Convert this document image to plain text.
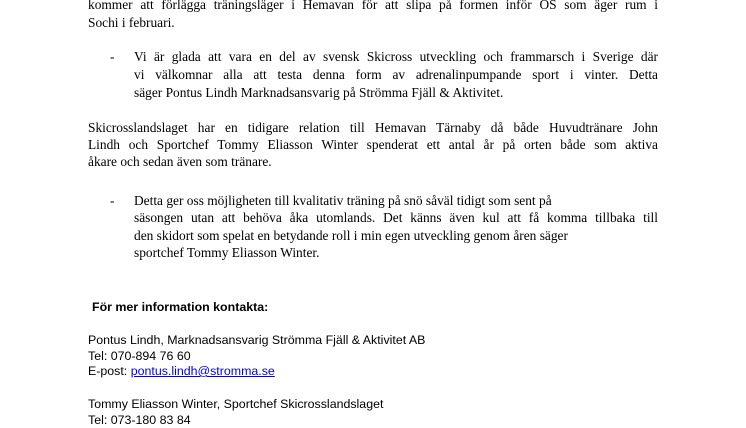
kommer att förlägga träningsläger i Hemavan för att slipa på formen inför OS som äger rum i

Sochi i februari.

- Vi är glada att vara en del av svensk Skicross utveckling och frammarsch i Sverige där

vi välkomnar alla att testa denna form av adrenalinpumpande sport i vinter. Detta

säger Pontus Lindh Marknadsansvarig på Strömma Fjäll & Aktivitet.

Skicrosslandslaget har en tidigare relation till Hemavan Tärnaby då både Huvudtränare John

Lindh och Sportchef Tommy Eliasson Winter spenderat ett antal år på orten både som aktiva

åkare och sedan även som tränare.

- Detta ger oss möjligheten till kvalitativ träning på snö såväl tidigt som sent på

säsongen utan att behöva åka utomlands. Det känns även kul att få komma tillbaka till

den skidort som spelat en betydande roll i min egen utveckling genom åren säger

sportchef Tommy Eliasson Winter.

För mer information kontakta:

Pontus Lindh, Marknadsansvarig Strömma Fjäll & Aktivitet AB

Tel: 070-894 76 60

E-post: pontus.lindh@stromma.se

Tommy Eliasson Winter, Sportchef Skicrosslandslaget

Tel: 073-180 83 84
